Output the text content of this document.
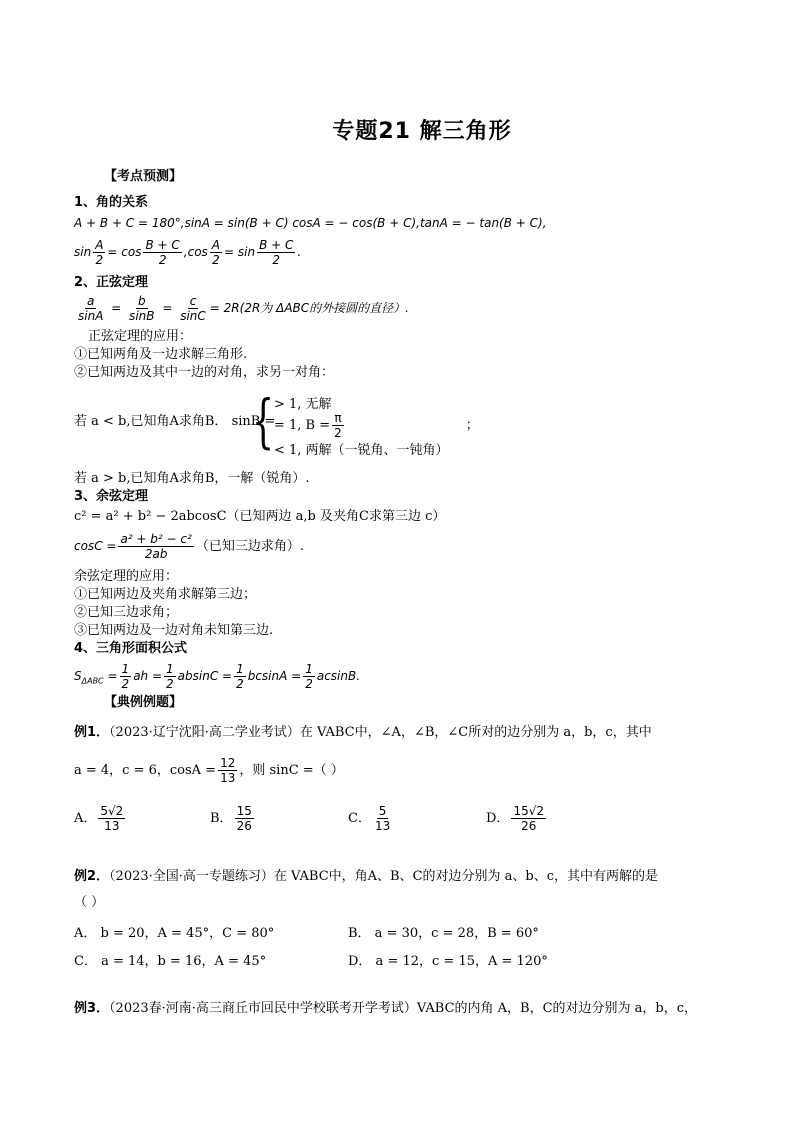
专题21 解三角形
【考点预测】
1、角的关系
A + B + C = 180°,sinA = sin(B + C) cosA = − cos(B + C),tanA = − tan(B + C),
$\sin \frac{A}{2} = \cos \frac{B + C}{2} ,\cos \frac{A}{2} = \sin \frac{B + C}{2}$ .
2、正弦定理
$\frac{a}{\sin A} = \frac{b}{\sin B} = \frac{c}{\sin C} = 2R(2R$为 ΔABC的外接圆的直径）.
正弦定理的应用：
①已知两角及一边求解三角形.
②已知两边及其中一边的对角，求另一对角：
若 a < b,已知角A求角B． sinB =
{ > 1, 无解
= 1, $B = \frac{\pi}{2}$	；
< 1, 两解（一锐角、一钝角）
若 a > b,已知角A求角B，一解（锐角）.
3、余弦定理
c² = a² + b² − 2abcosC（已知两边 a,b 及夹角C求第三边 c）
$\cos C = \frac{\text{a² + b² − c²}}{2ab}$ （已知三边求角）.
余弦定理的应用：
①已知两边及夹角求解第三边；
②已知三边求角；
③已知两边及一边对角未知第三边.
4、三角形面积公式
$S_{\Delta ABC} = \frac{1}{2}$ ah = $\frac{1}{2}$ $absinC = \frac{1}{2}$ $bcsinA = \frac{1}{2} acsinB$.
【典例例题】
例1．（2023·辽宁沈阳·高二学业考试）在 VABC中，∠A，∠B，∠C所对的边分别为 a，b，c，其中
a = 4，c = 6，$\cos A = \frac{12}{13}$ ，则 sinC =（ ）
A． $\frac{5√2}{13}$	B． $\frac{15}{26}$	C． $\frac{5}{13}$	D． $\frac{15√2}{26}$
例2．（2023·全国·高一专题练习）在 VABC中，角A、B、C的对边分别为 a、b、c，其中有两解的是
（ ）
A． b = 20，A = 45°，C = 80°	B． a = 30，c = 28，B = 60°
C． a = 14，b = 16，A = 45°	D． a = 12，c = 15，A = 120°
例3．（2023春·河南·高三商丘市回民中学校联考开学考试）VABC的内角 A，B，C的对边分别为 a，b，c，
